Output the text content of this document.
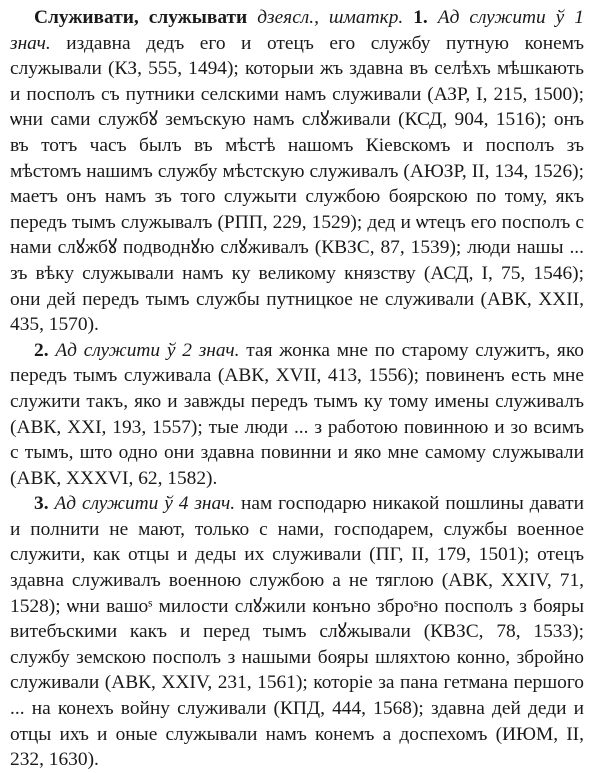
Служивати, служывати дзеясл., шматкр. 1. Ад служити ў 1 знач. издавна дедъ его и отецъ его службу путную конемъ служывали (КЗ, 555, 1494); которыи жъ здавна въ селѣхъ мѣшкають и посполъ съ путники селскими намъ служивали (АЗР, I, 215, 1500); ѡни сами службꙋ земъскую намъ слꙋживали (КСД, 904, 1516); онъ въ тотъ часъ былъ въ мѣстѣ нашомъ Кіевскомъ и посполъ зъ мѣстомъ нашимъ службу мѣстскую служивалъ (АЮЗР, II, 134, 1526); маетъ онъ намъ зъ того служыти службою боярскою по тому, якъ передъ тымъ служывалъ (РПП, 229, 1529); дед и ѡтецъ его посполъ с нами слꙋжбꙋ подводнꙋю слꙋживалъ (КВЗС, 87, 1539); люди нашы ... зъ вѣку служывали намъ ку великому князству (АСД, I, 75, 1546); они дей передъ тымъ службы путницкое не служивали (АВК, XXII, 435, 1570).

2. Ад служити ў 2 знач. тая жонка мне по старому служитъ, яко передъ тымъ служивала (АВК, XVII, 413, 1556); повиненъ есть мне служити такъ, яко и завжды передъ тымъ ку тому имены служивалъ (АВК, XXI, 193, 1557); тые люди ... з работою повинною и зо всимъ с тымъ, што одно они здавна повинни и яко мне самому служывали (АВК, XXXVI, 62, 1582).

3. Ад служити ў 4 знач. нам господарю никакой пошлины давати и полнити не мают, только с нами, господарем, службы военное служити, как отцы и деды их служивали (ПГ, II, 179, 1501); отецъ здавна служивалъ военною службою а не тяглою (АВК, XXIV, 71, 1528); ѡни вашоˢ милости слꙋжили конъно зброˢно посполъ з бояры витебъскими какъ и перед тымъ слꙋжывали (КВЗС, 78, 1533); службу земскою посполъ з нашыми бояры шляхтою конно, збройно служивали (АВК, XXIV, 231, 1561); которіе за пана гетмана першого ... на конехъ войну служивали (КПД, 444, 1568); здавна дей деди и отцы ихъ и оные служывали намъ конемъ а доспехомъ (ИЮМ, II, 232, 1630).
